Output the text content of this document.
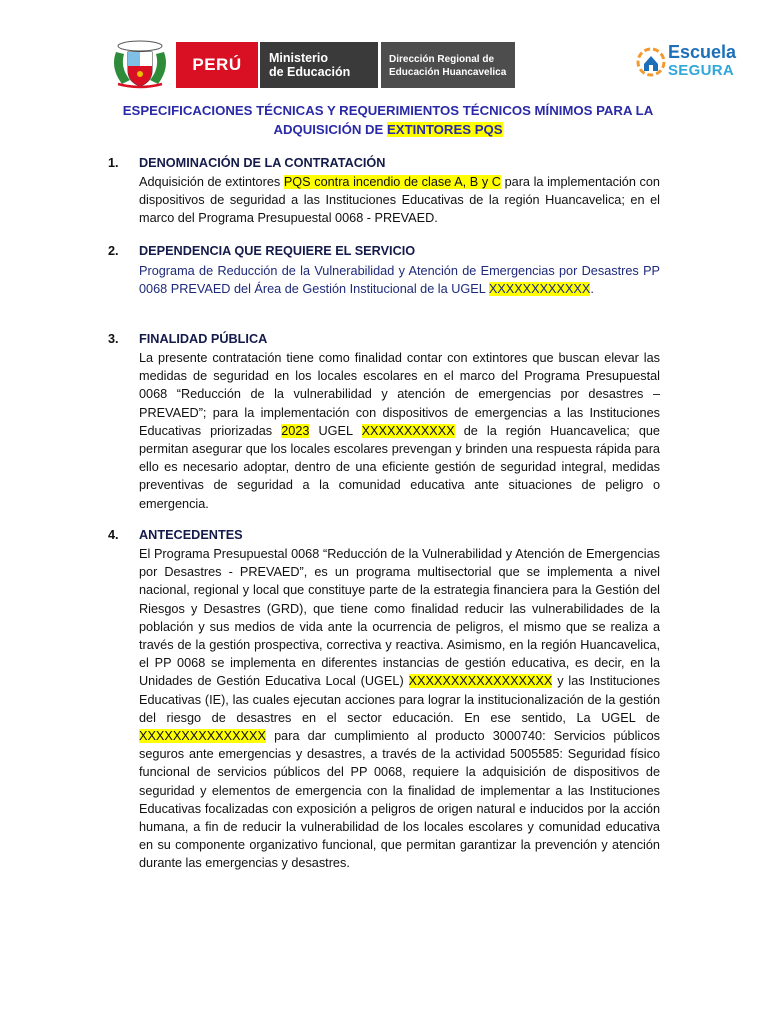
PERÚ Ministerio
de Educación
Dirección Regional de
Educación Huancavelica
Escuela
SEGURA
ESPECIFICACIONES TÉCNICAS Y REQUERIMIENTOS TÉCNICOS MÍNIMOS PARA LA
ADQUISICIÓN DE EXTINTORES PQS
1. DENOMINACIÓN DE LA CONTRATACIÓN
Adquisición de extintores PQS contra incendio de clase A, B y C para la implementación con dispositivos de seguridad a las Instituciones Educativas de la región Huancavelica; en el marco del Programa Presupuestal 0068 - PREVAED.
2. DEPENDENCIA QUE REQUIERE EL SERVICIO
Programa de Reducción de la Vulnerabilidad y Atención de Emergencias por Desastres PP 0068 PREVAED del Área de Gestión Institucional de la UGEL XXXXXXXXXXXX.
3. FINALIDAD PÚBLICA
La presente contratación tiene como finalidad contar con extintores que buscan elevar las medidas de seguridad en los locales escolares en el marco del Programa Presupuestal 0068 “Reducción de la vulnerabilidad y atención de emergencias por desastres – PREVAED”; para la implementación con dispositivos de emergencias a las Instituciones Educativas priorizadas 2023 UGEL XXXXXXXXXXX de la región Huancavelica; que permitan asegurar que los locales escolares prevengan y brinden una respuesta rápida para ello es necesario adoptar, dentro de una eficiente gestión de seguridad integral, medidas preventivas de seguridad a la comunidad educativa ante situaciones de peligro o emergencia.
4. ANTECEDENTES
El Programa Presupuestal 0068 “Reducción de la Vulnerabilidad y Atención de Emergencias por Desastres - PREVAED”, es un programa multisectorial que se implementa a nivel nacional, regional y local que constituye parte de la estrategia financiera para la Gestión del Riesgos y Desastres (GRD), que tiene como finalidad reducir las vulnerabilidades de la población y sus medios de vida ante la ocurrencia de peligros, el mismo que se realiza a través de la gestión prospectiva, correctiva y reactiva. Asimismo, en la región Huancavelica, el PP 0068 se implementa en diferentes instancias de gestión educativa, es decir, en la Unidades de Gestión Educativa Local (UGEL) XXXXXXXXXXXXXXXXX y las Instituciones Educativas (IE), las cuales ejecutan acciones para lograr la institucionalización de la gestión del riesgo de desastres en el sector educación. En ese sentido, La UGEL de XXXXXXXXXXXXXXX para dar cumplimiento al producto 3000740: Servicios públicos seguros ante emergencias y desastres, a través de la actividad 5005585: Seguridad físico funcional de servicios públicos del PP 0068, requiere la adquisición de dispositivos de seguridad y elementos de emergencia con la finalidad de implementar a las Instituciones Educativas focalizadas con exposición a peligros de origen natural e inducidos por la acción humana, a fin de reducir la vulnerabilidad de los locales escolares y comunidad educativa en su componente organizativo funcional, que permitan garantizar la prevención y atención durante las emergencias y desastres.
